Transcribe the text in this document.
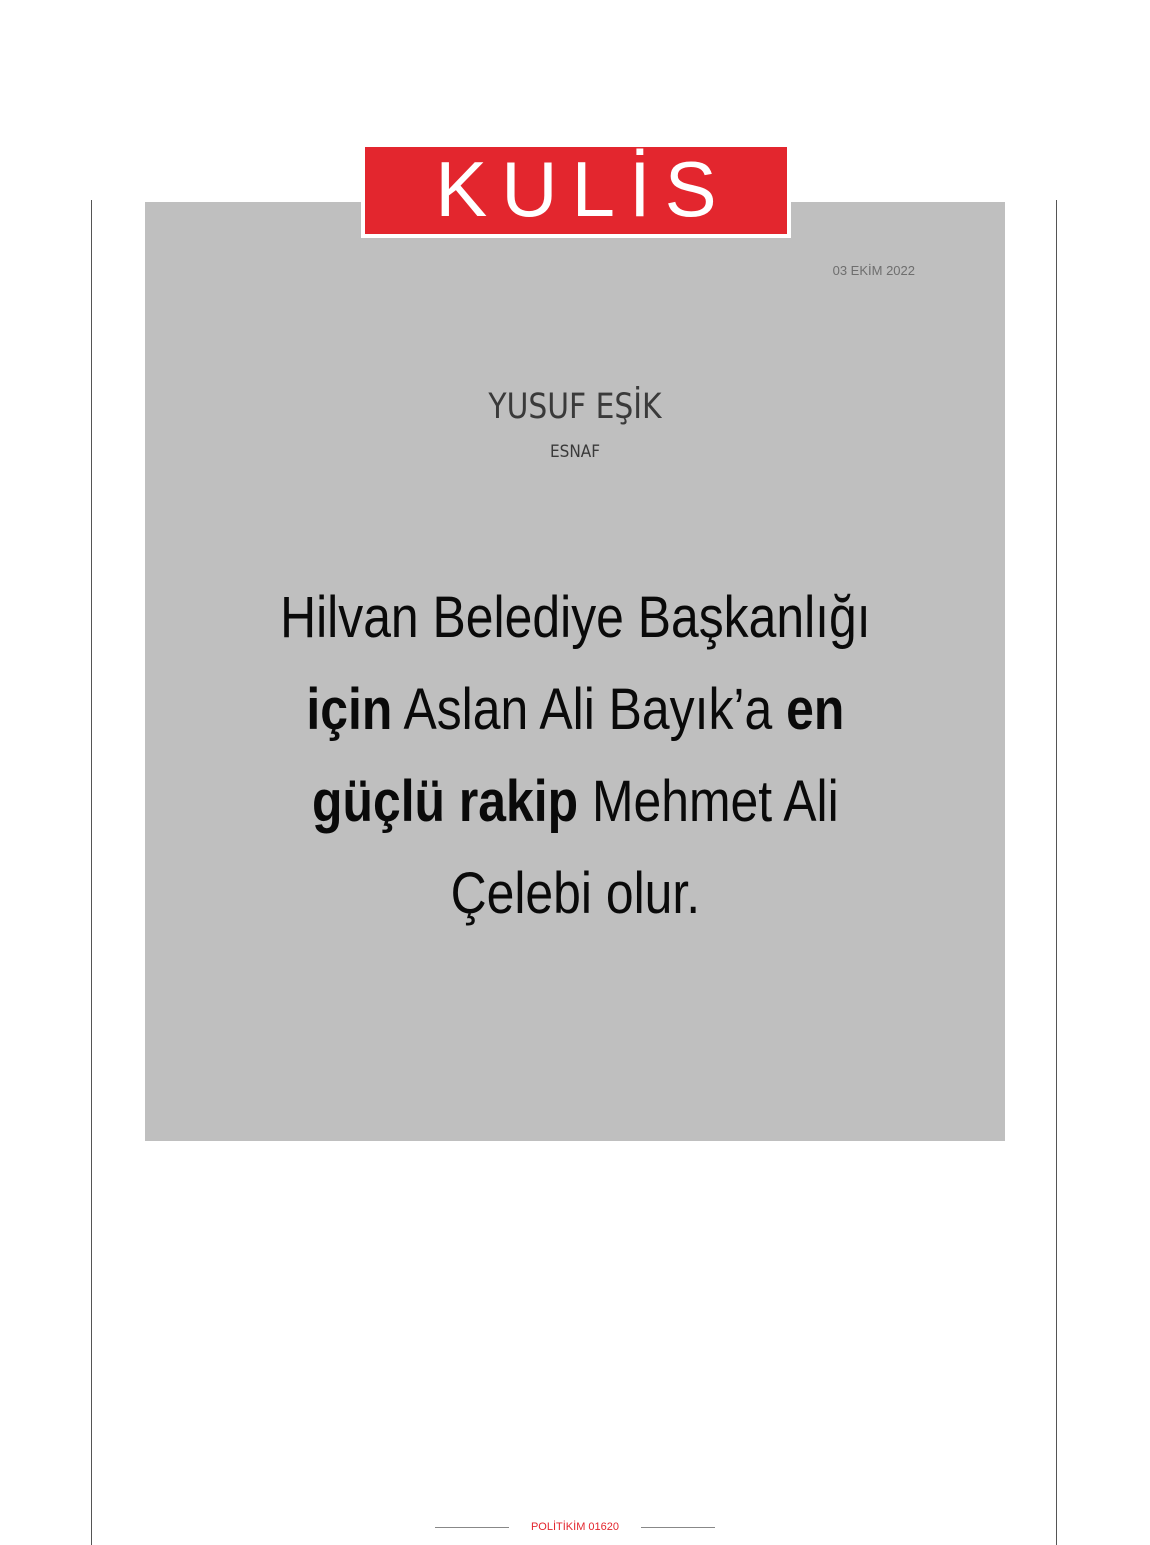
03 EKİM 2022
YUSUF EŞİK
ESNAF
Hilvan Belediye Başkanlığı
için Aslan Ali Bayık’a en
güçlü rakip Mehmet Ali
Çelebi olur.
KULİS
POLİTİKİM 01620
